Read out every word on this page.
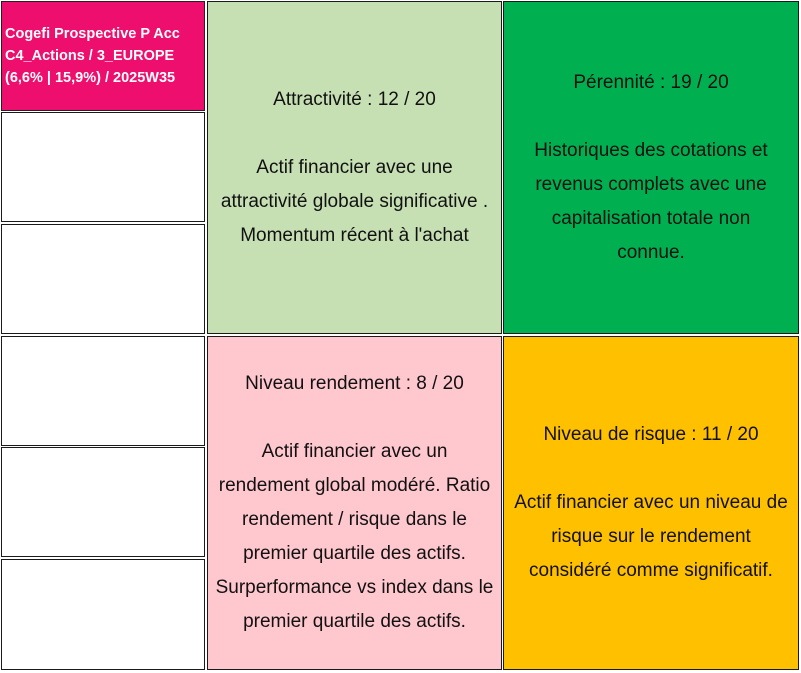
Cogefi Prospective P Acc
C4_Actions / 3_EUROPE
(6,6% | 15,9%) / 2025W35
Attractivité : 12 / 20
Actif financier avec une
attractivité globale significative .
Momentum récent à l'achat
Pérennité : 19 / 20
Historiques des cotations et
revenus complets avec une
capitalisation totale non
connue.
Niveau rendement : 8 / 20
Actif financier avec un
rendement global modéré. Ratio
rendement / risque dans le
premier quartile des actifs.
Surperformance vs index dans le
premier quartile des actifs.
Niveau de risque : 11 / 20
Actif financier avec un niveau de
risque sur le rendement
considéré comme significatif.
